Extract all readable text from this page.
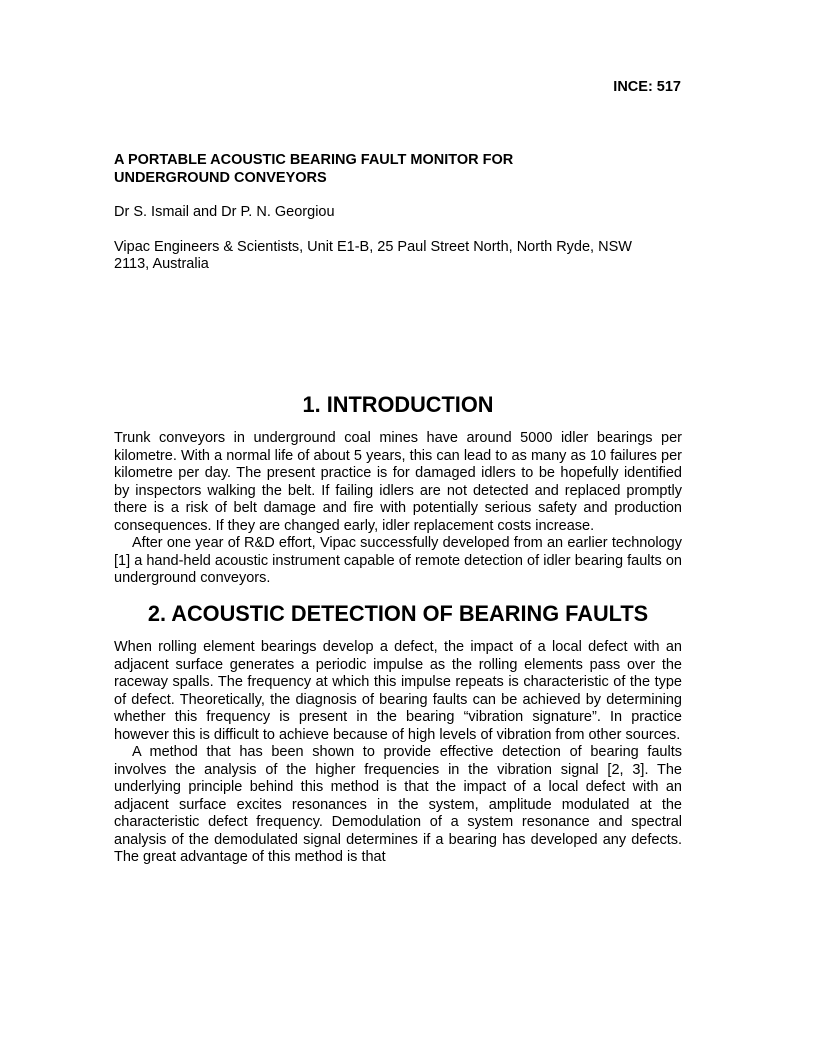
INCE: 517

A PORTABLE ACOUSTIC BEARING FAULT MONITOR FOR UNDERGROUND CONVEYORS

Dr S. Ismail and Dr P. N. Georgiou

Vipac Engineers & Scientists, Unit E1-B, 25 Paul Street North, North Ryde, NSW 2113, Australia

1. INTRODUCTION

Trunk conveyors in underground coal mines have around 5000 idler bearings per kilometre. With a normal life of about 5 years, this can lead to as many as 10 failures per kilometre per day. The present practice is for damaged idlers to be hopefully identified by inspectors walking the belt. If failing idlers are not detected and replaced promptly there is a risk of belt damage and fire with potentially serious safety and production consequences. If they are changed early, idler replacement costs increase.

After one year of R&D effort, Vipac successfully developed from an earlier technology [1] a hand-held acoustic instrument capable of remote detection of idler bearing faults on underground conveyors.

2. ACOUSTIC DETECTION OF BEARING FAULTS

When rolling element bearings develop a defect, the impact of a local defect with an adjacent surface generates a periodic impulse as the rolling elements pass over the raceway spalls. The frequency at which this impulse repeats is characteristic of the type of defect. Theoretically, the diagnosis of bearing faults can be achieved by determining whether this frequency is present in the bearing “vibration signature”. In practice however this is difficult to achieve because of high levels of vibration from other sources.

A method that has been shown to provide effective detection of bearing faults involves the analysis of the higher frequencies in the vibration signal [2, 3]. The underlying principle behind this method is that the impact of a local defect with an adjacent surface excites resonances in the system, amplitude modulated at the characteristic defect frequency. Demodulation of a system resonance and spectral analysis of the demodulated signal determines if a bearing has developed any defects. The great advantage of this method is that
